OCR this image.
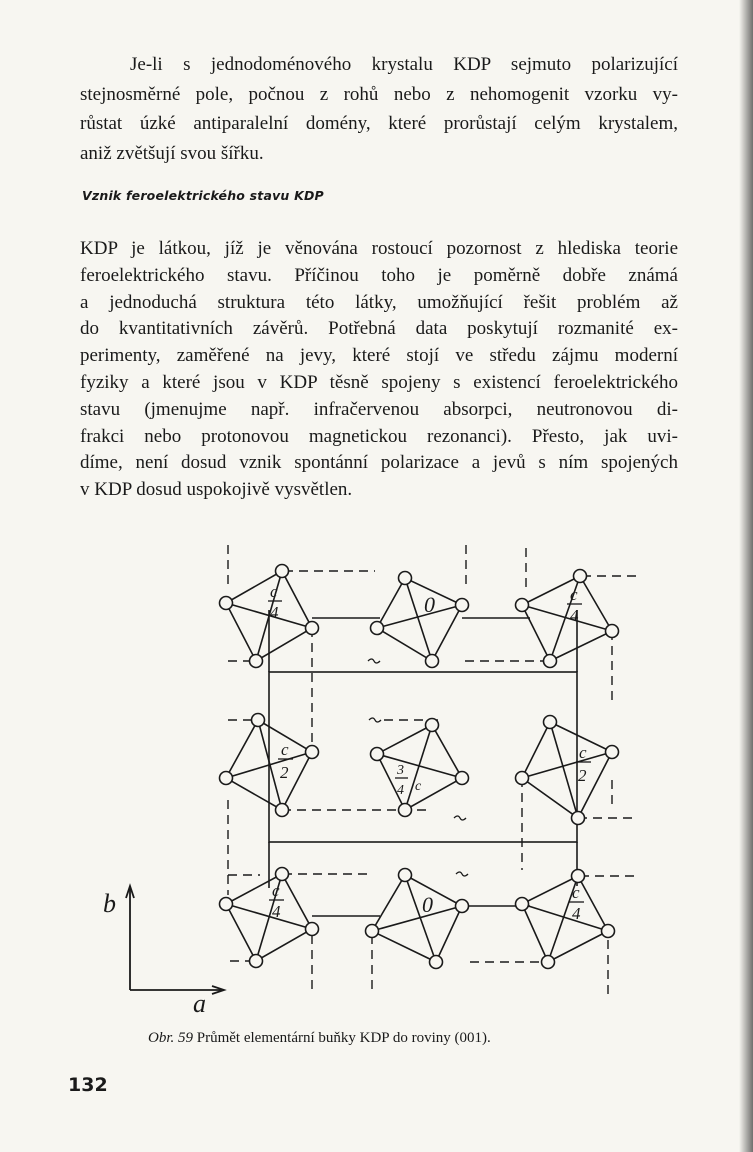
Je-li s jednodoménového krystalu KDP sejmuto polarizující
stejnosměrné pole, počnou z rohů nebo z nehomogenit vzorku vy-
růstat úzké antiparalelní domény, které prorůstají celým krystalem,
aniž zvětšují svou šířku.
Vznik feroelektrického stavu KDP
KDP je látkou, jíž je věnována rostoucí pozornost z hlediska teorie
feroelektrického stavu. Příčinou toho je poměrně dobře známá
a jednoduchá struktura této látky, umožňující řešit problém až
do kvantitativních závěrů. Potřebná data poskytují rozmanité ex-
perimenty, zaměřené na jevy, které stojí ve středu zájmu moderní
fyziky a které jsou v KDP těsně spojeny s existencí feroelektrického
stavu (jmenujme např. infračervenou absorpci, neutronovou di-
frakci nebo protonovou magnetickou rezonanci). Přesto, jak uvi-
díme, není dosud vznik spontánní polarizace a jevů s ním spojených
v KDP dosud uspokojivě vysvětlen.
c
4	0	c
4
c
2	3
4 c
c
2
c
4	0	c
4
b
a

Obr. 59 Průmět elementární buňky KDP do roviny (001).

132
